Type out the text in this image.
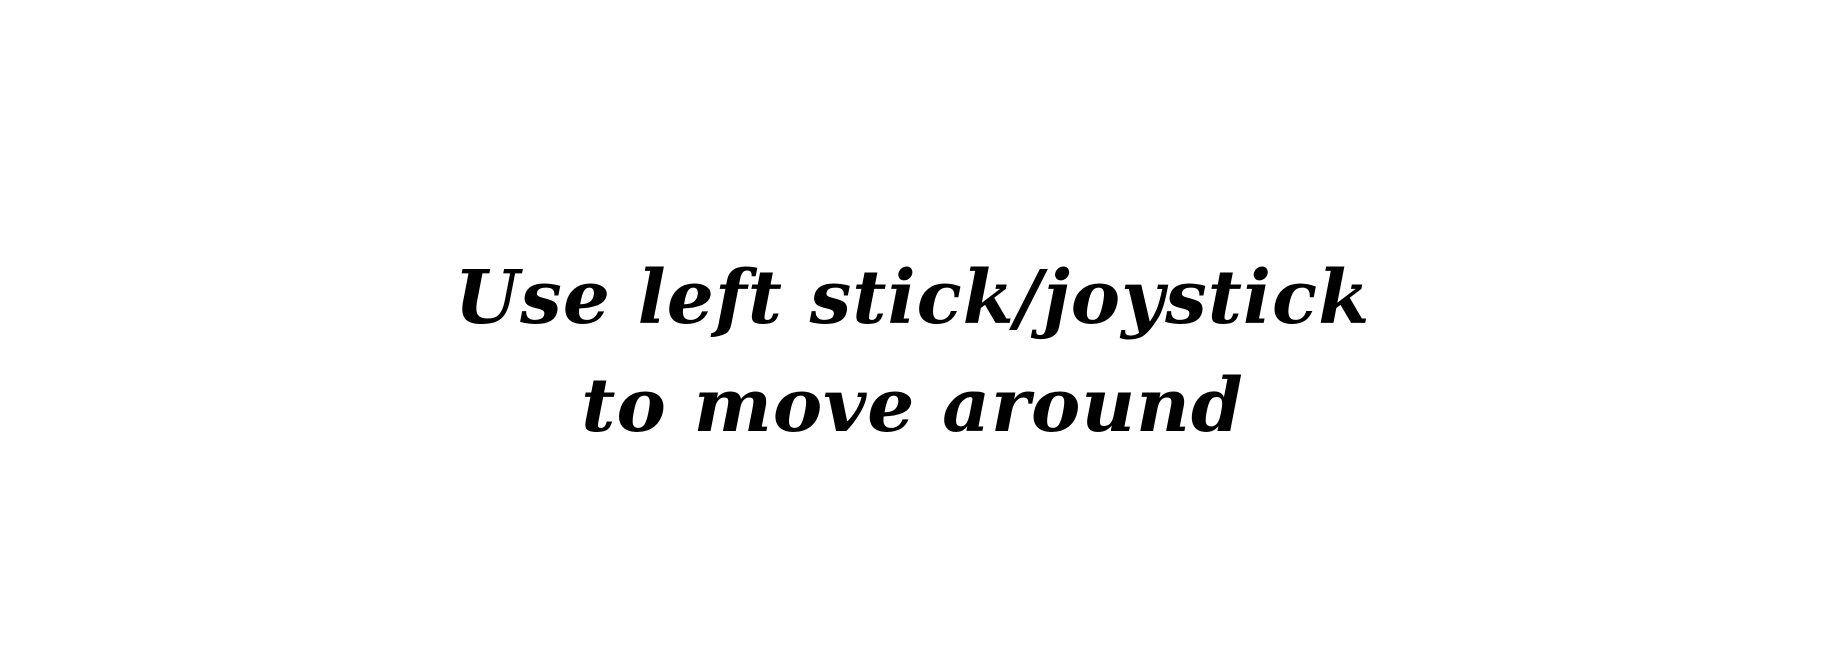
Use left stick/joystick
to move around
